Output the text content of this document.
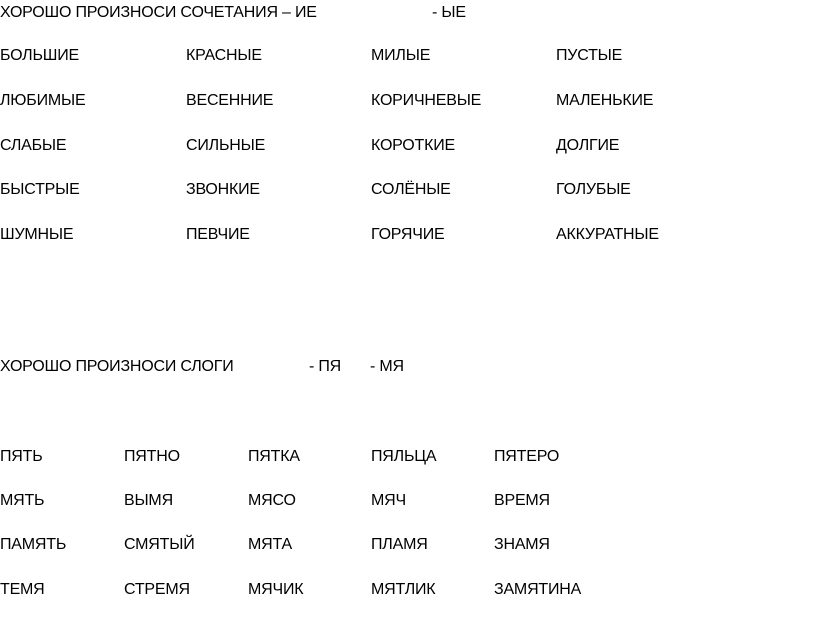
ХОРОШО ПРОИЗНОСИ СОЧЕТАНИЯ – ИЕ	- ЫЕ
БОЛЬШИЕ	КРАСНЫЕ	МИЛЫЕ	ПУСТЫЕ
ЛЮБИМЫЕ	ВЕСЕННИЕ	КОРИЧНЕВЫЕ	МАЛЕНЬКИЕ
СЛАБЫЕ	СИЛЬНЫЕ	КОРОТКИЕ	ДОЛГИЕ
БЫСТРЫЕ	ЗВОНКИЕ	СОЛЁНЫЕ	ГОЛУБЫЕ
ШУМНЫЕ	ПЕВЧИЕ	ГОРЯЧИЕ	АККУРАТНЫЕ
ХОРОШО ПРОИЗНОСИ СЛОГИ	- ПЯ - МЯ
ПЯТЬ	ПЯТНО	ПЯТКА	ПЯЛЬЦА	ПЯТЕРО
МЯТЬ	ВЫМЯ	МЯСО	МЯЧ	ВРЕМЯ
ПАМЯТЬ	СМЯТЫЙ	МЯТА	ПЛАМЯ	ЗНАМЯ
ТЕМЯ	СТРЕМЯ	МЯЧИК	МЯТЛИК	ЗАМЯТИНА
